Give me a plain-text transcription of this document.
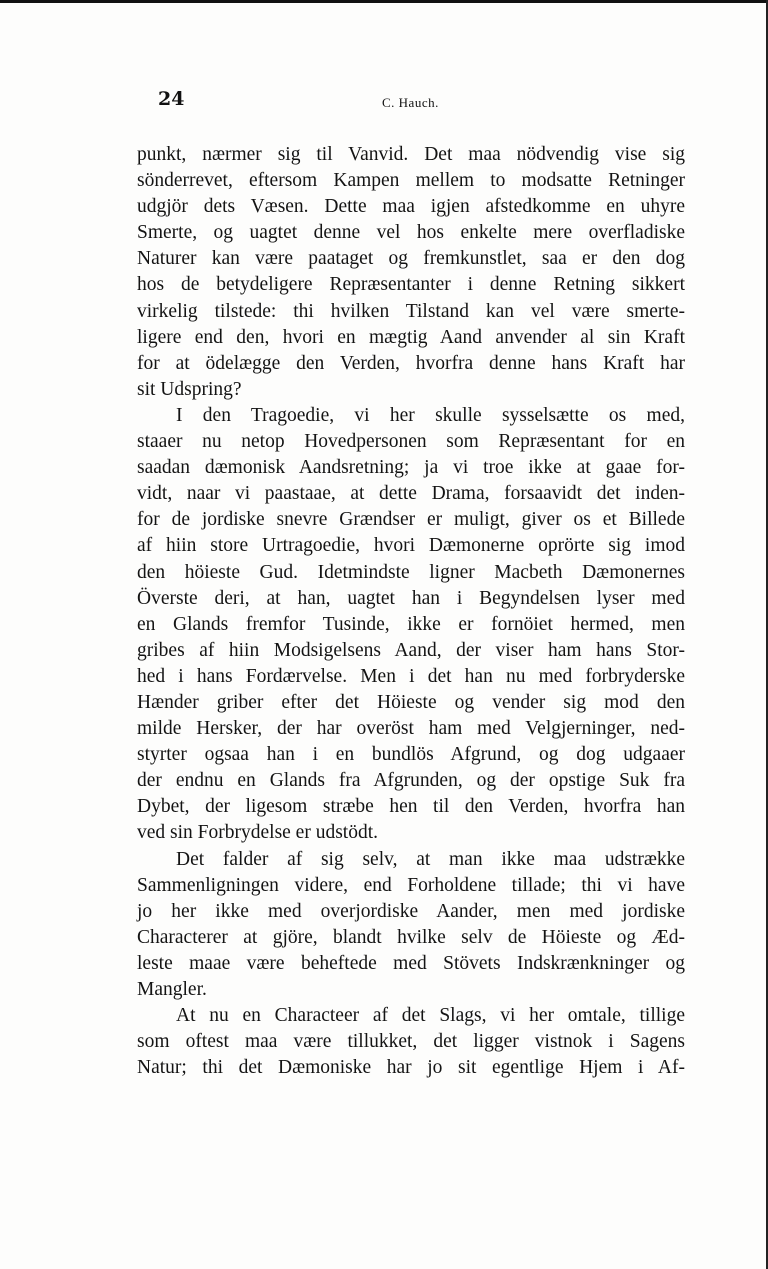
24	C. Hauch.
punkt, nærmer sig til Vanvid. Det maa nödvendig vise sig
sönderrevet, eftersom Kampen mellem to modsatte Retninger
udgjör dets Væsen. Dette maa igjen afstedkomme en uhyre
Smerte, og uagtet denne vel hos enkelte mere overfladiske
Naturer kan være paataget og fremkunstlet, saa er den dog
hos de betydeligere Repræsentanter i denne Retning sikkert
virkelig tilstede: thi hvilken Tilstand kan vel være smerte-
ligere end den, hvori en mægtig Aand anvender al sin Kraft
for at ödelægge den Verden, hvorfra denne hans Kraft har
sit Udspring?
I den Tragoedie, vi her skulle sysselsætte os med,
staaer nu netop Hovedpersonen som Repræsentant for en
saadan dæmonisk Aandsretning; ja vi troe ikke at gaae for-
vidt, naar vi paastaae, at dette Drama, forsaavidt det inden-
for de jordiske snevre Grændser er muligt, giver os et Billede
af hiin store Urtragoedie, hvori Dæmonerne oprörte sig imod
den höieste Gud. Idetmindste ligner Macbeth Dæmonernes
Överste deri, at han, uagtet han i Begyndelsen lyser med
en Glands fremfor Tusinde, ikke er fornöiet hermed, men
gribes af hiin Modsigelsens Aand, der viser ham hans Stor-
hed i hans Fordærvelse. Men i det han nu med forbryderske
Hænder griber efter det Höieste og vender sig mod den
milde Hersker, der har overöst ham med Velgjerninger, ned-
styrter ogsaa han i en bundlös Afgrund, og dog udgaaer
der endnu en Glands fra Afgrunden, og der opstige Suk fra
Dybet, der ligesom stræbe hen til den Verden, hvorfra han
ved sin Forbrydelse er udstödt.
Det falder af sig selv, at man ikke maa udstrække
Sammenligningen videre, end Forholdene tillade; thi vi have
jo her ikke med overjordiske Aander, men med jordiske
Characterer at gjöre, blandt hvilke selv de Höieste og Æd-
leste maae være beheftede med Stövets Indskrænkninger og
Mangler.
At nu en Characteer af det Slags, vi her omtale, tillige
som oftest maa være tillukket, det ligger vistnok i Sagens
Natur; thi det Dæmoniske har jo sit egentlige Hjem i Af-
